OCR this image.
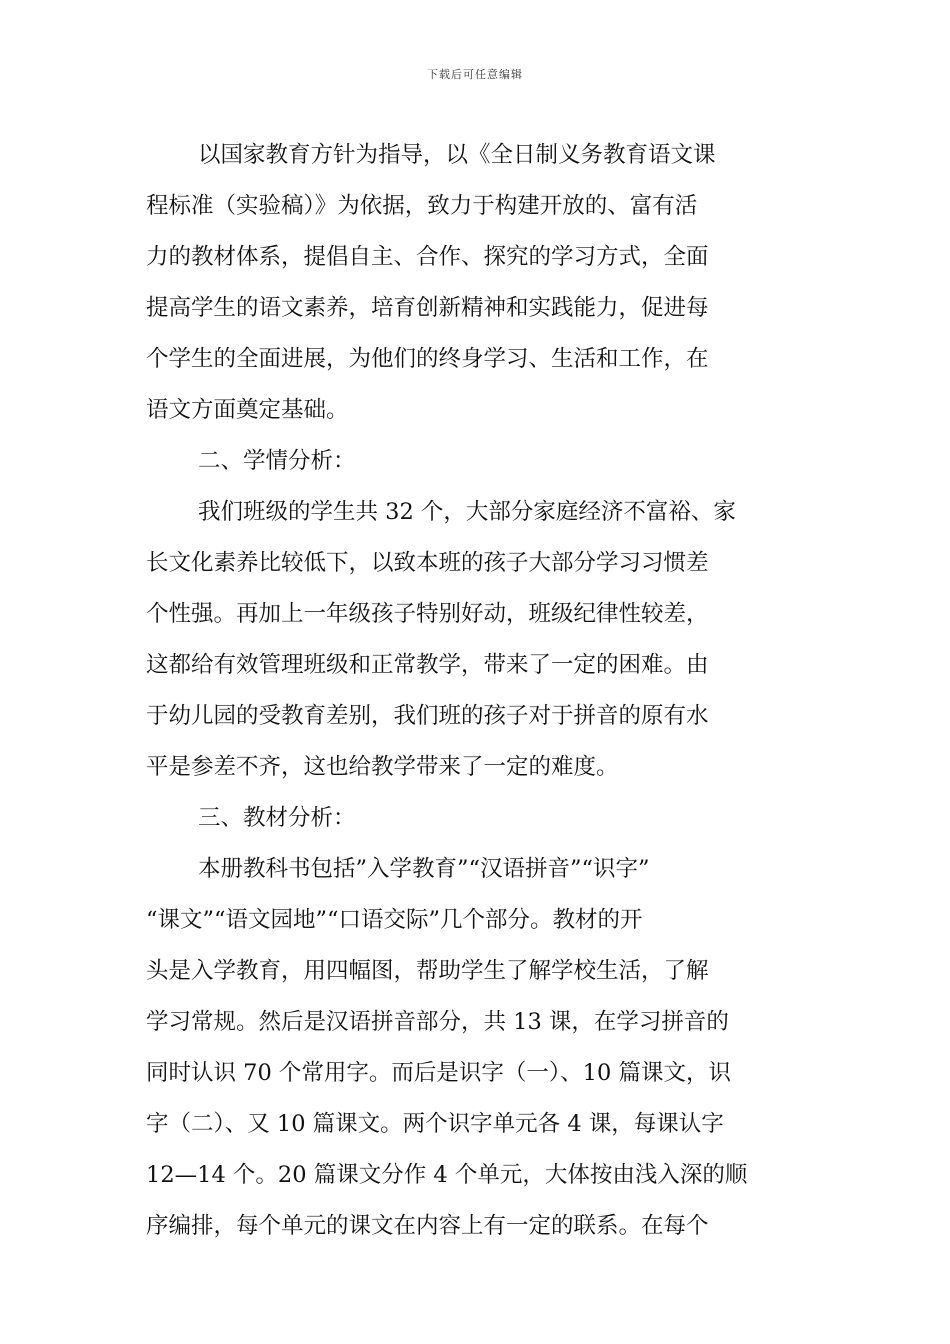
下载后可任意编辑
以国家教育方针为指导，以《全日制义务教育语文课
程标准（实验稿）》为依据，致力于构建开放的、富有活
力的教材体系，提倡自主、合作、探究的学习方式，全面
提高学生的语文素养，培育创新精神和实践能力，促进每
个学生的全面进展，为他们的终身学习、生活和工作，在
语文方面奠定基础。
二、学情分析：
我们班级的学生共 32 个，大部分家庭经济不富裕、家
长文化素养比较低下，以致本班的孩子大部分学习习惯差
个性强。再加上一年级孩子特别好动，班级纪律性较差，
这都给有效管理班级和正常教学，带来了一定的困难。由
于幼儿园的受教育差别，我们班的孩子对于拼音的原有水
平是参差不齐，这也给教学带来了一定的难度。
三、教材分析：
本册教科书包括”入学教育”“汉语拼音”“识字”
“课文”“语文园地”“口语交际”几个部分。教材的开
头是入学教育，用四幅图，帮助学生了解学校生活，了解
学习常规。然后是汉语拼音部分，共 13 课，在学习拼音的
同时认识 70 个常用字。而后是识字（一）、10 篇课文，识
字（二）、又 10 篇课文。两个识字单元各 4 课，每课认字
12—14 个。20 篇课文分作 4 个单元，大体按由浅入深的顺
序编排，每个单元的课文在内容上有一定的联系。在每个
